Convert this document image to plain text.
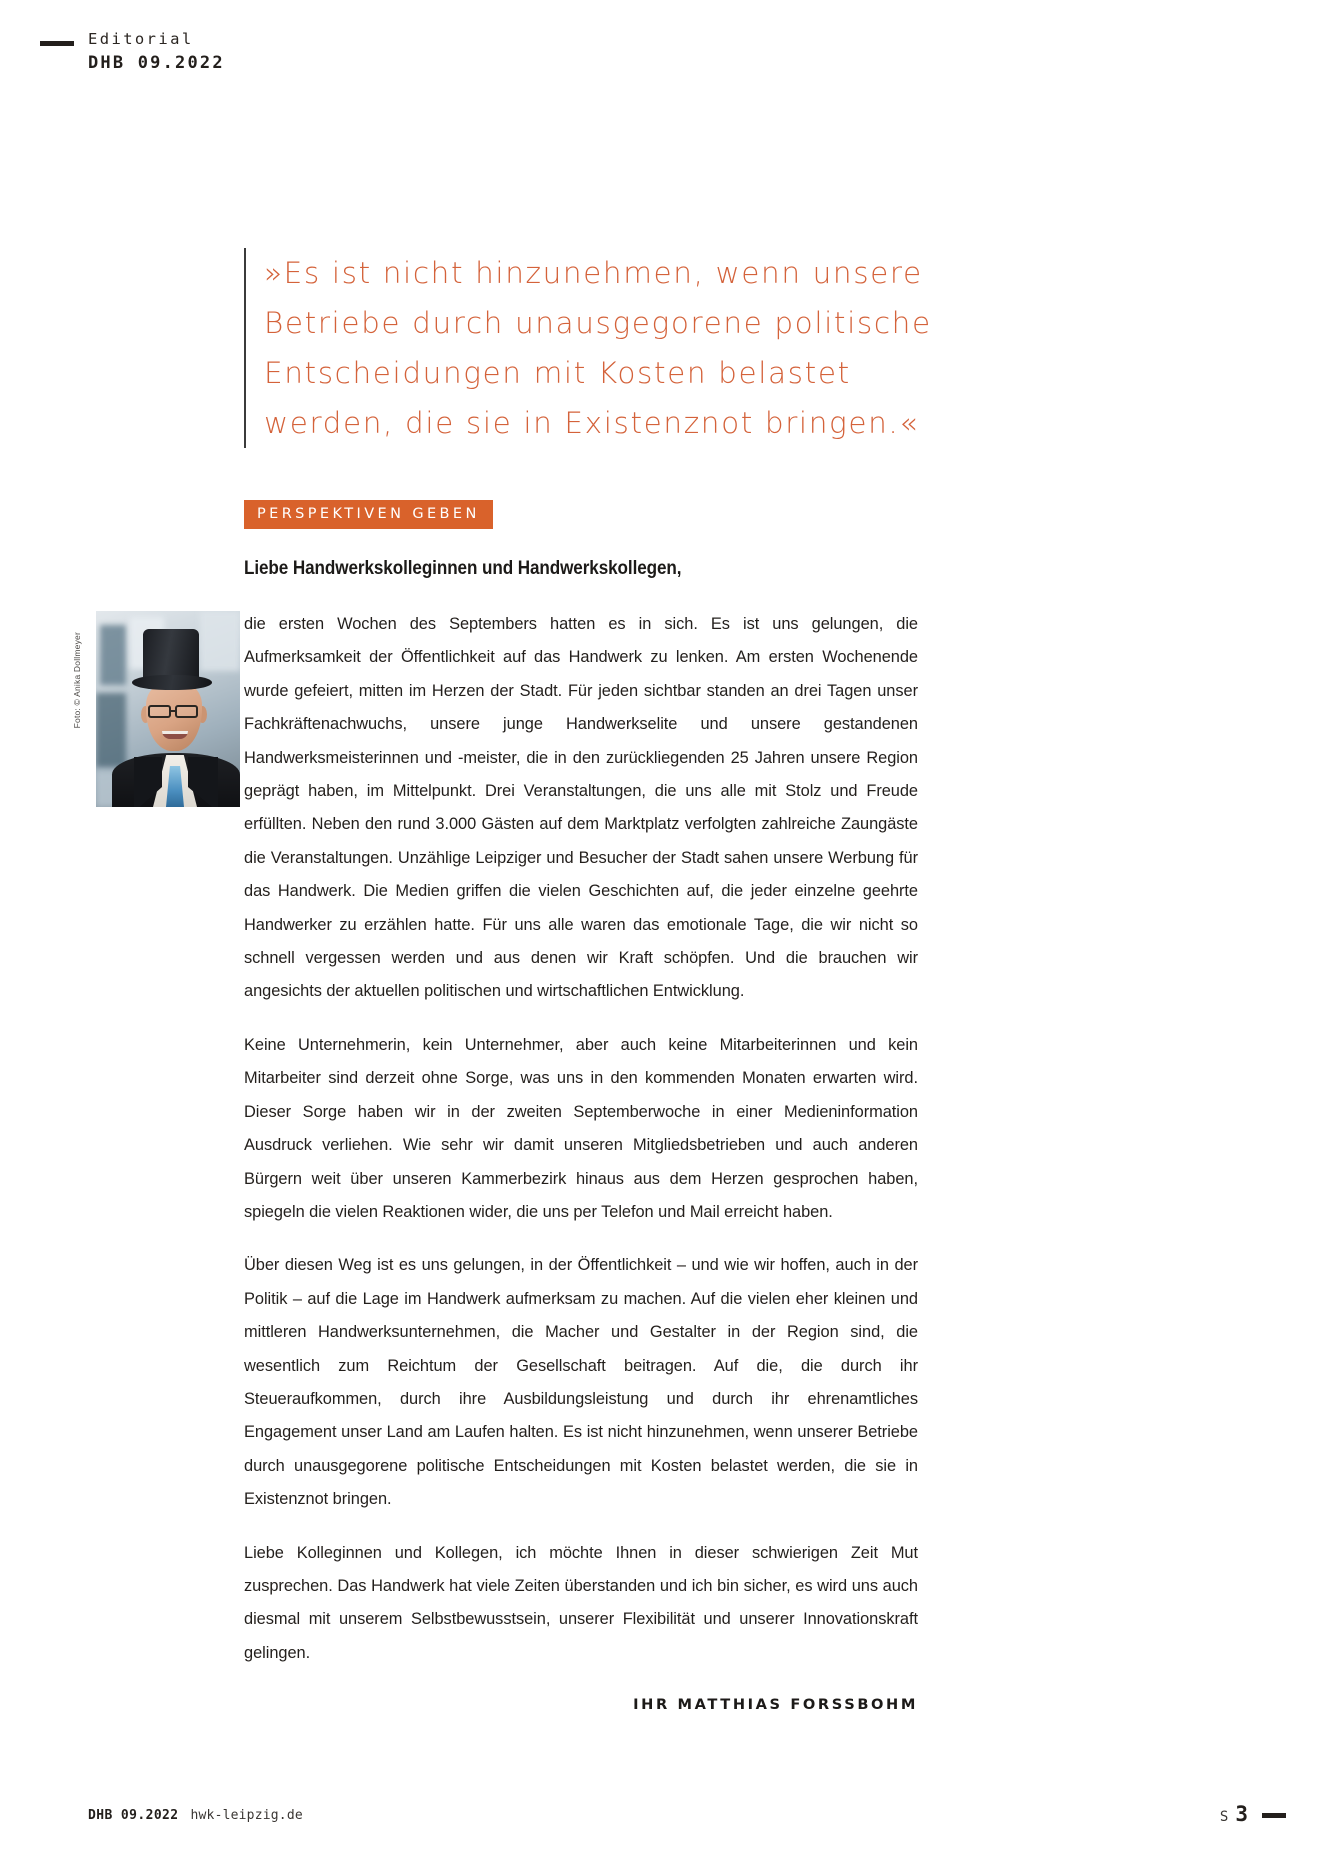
Editorial
DHB 09.2022
»Es ist nicht hinzunehmen, wenn unsere
Betriebe durch unausgegorene politische
Entscheidungen mit Kosten belastet
werden, die sie in Existenznot bringen.«
PERSPEKTIVEN GEBEN
Liebe Handwerkskolleginnen und Handwerkskollegen,
Foto: © Anika Dollmeyer

die ersten Wochen des Septembers hatten es in sich. Es ist uns gelungen, die Aufmerksamkeit der Öffentlichkeit auf das Handwerk zu lenken. Am ersten Wochenende wurde gefeiert, mitten im Herzen der Stadt. Für jeden sichtbar standen an drei Tagen unser Fachkräftenachwuchs, unsere junge Handwerkselite und unsere gestandenen Handwerksmeisterinnen und -meister, die in den zurückliegenden 25 Jahren unsere Region geprägt haben, im Mittelpunkt. Drei Veranstaltungen, die uns alle mit Stolz und Freude erfüllten. Neben den rund 3.000 Gästen auf dem Marktplatz verfolgten zahlreiche Zaungäste die Veranstaltungen. Unzählige Leipziger und Besucher der Stadt sahen unsere Werbung für das Handwerk. Die Medien griffen die vielen Geschichten auf, die jeder einzelne geehrte Handwerker zu erzählen hatte. Für uns alle waren das emotionale Tage, die wir nicht so schnell vergessen werden und aus denen wir Kraft schöpfen. Und die brauchen wir angesichts der aktuellen politischen und wirtschaftlichen Entwicklung.

Keine Unternehmerin, kein Unternehmer, aber auch keine Mitarbeiterinnen und kein Mitarbeiter sind derzeit ohne Sorge, was uns in den kommenden Monaten erwarten wird. Dieser Sorge haben wir in der zweiten Septemberwoche in einer Medieninformation Ausdruck verliehen. Wie sehr wir damit unseren Mitgliedsbetrieben und auch anderen Bürgern weit über unseren Kammerbezirk hinaus aus dem Herzen gesprochen haben, spiegeln die vielen Reaktionen wider, die uns per Telefon und Mail erreicht haben.

Über diesen Weg ist es uns gelungen, in der Öffentlichkeit – und wie wir hoffen, auch in der Politik – auf die Lage im Handwerk aufmerksam zu machen. Auf die vielen eher kleinen und mittleren Handwerksunternehmen, die Macher und Gestalter in der Region sind, die wesentlich zum Reichtum der Gesellschaft beitragen. Auf die, die durch ihr Steueraufkommen, durch ihre Ausbildungsleistung und durch ihr ehrenamtliches Engagement unser Land am Laufen halten. Es ist nicht hinzunehmen, wenn unserer Betriebe durch unausgegorene politische Entscheidungen mit Kosten belastet werden, die sie in Existenznot bringen.

Liebe Kolleginnen und Kollegen, ich möchte Ihnen in dieser schwierigen Zeit Mut zusprechen. Das Handwerk hat viele Zeiten überstanden und ich bin sicher, es wird uns auch diesmal mit unserem Selbstbewusstsein, unserer Flexibilität und unserer Innovationskraft gelingen.

IHR MATTHIAS FORSSBOHM
DHB 09.2022 hwk-leipzig.de	S 3
